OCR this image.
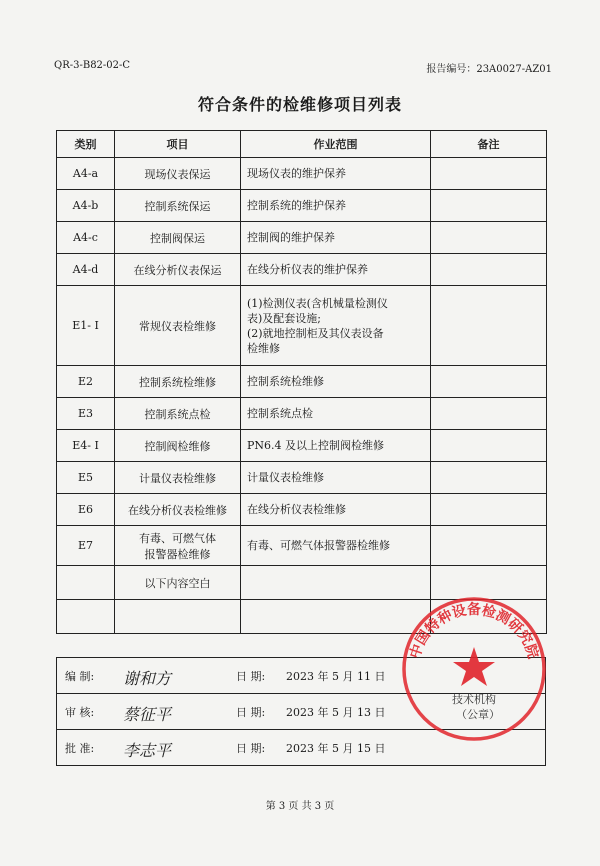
QR-3-B82-02-C	报告编号：23A0027-AZ01
符合条件的检维修项目列表
类别	项目	作业范围	备注
A4-a	现场仪表保运	现场仪表的维护保养	

A4-b	控制系统保运	控制系统的维护保养	

A4-c	控制阀保运	控制阀的维护保养	

A4-d	在线分析仪表保运	在线分析仪表的维护保养	

E1- Ⅰ	常规仪表检维修	(1)检测仪表(含机械量检测仪
表)及配套设施;
(2)就地控制柜及其仪表设备
检维修	

E2	控制系统检维修	控制系统检维修	

E3	控制系统点检	控制系统点检	

E4- Ⅰ	控制阀检维修	PN6.4 及以上控制阀检维修	

E5	计量仪表检维修	计量仪表检维修	

E6	在线分析仪表检维修	在线分析仪表检维修	

E7	有毒、可燃气体
报警器检维修	有毒、可燃气体报警器检维修	

	以下内容空白		

编 制: 谢和方	日 期: 2023 年 5 月 11 日

审 核: 蔡征平	日 期: 2023 年 5 月 13 日

批 准: 李志平	日 期: 2023 年 5 月 15 日
中国特种设备检测研究院
技术机构
（公章）
第 3 页 共 3 页
